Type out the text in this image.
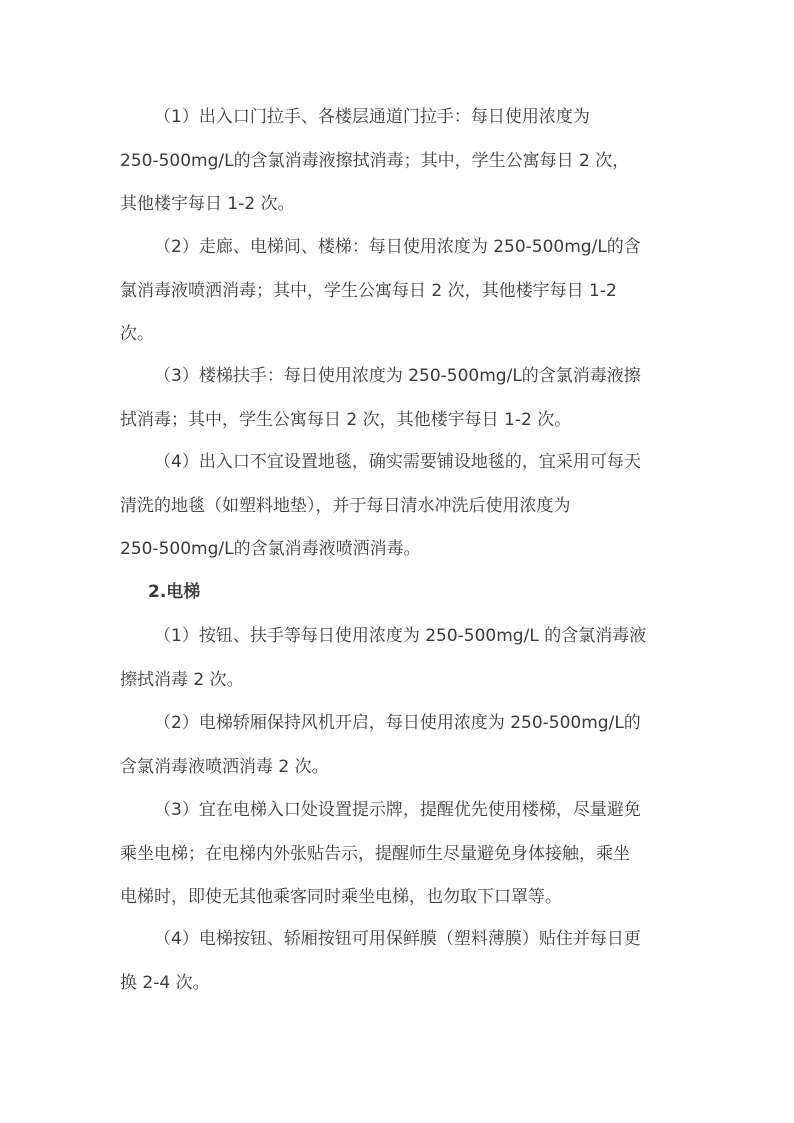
（1）出入口门拉手、各楼层通道门拉手：每日使用浓度为
250-500mg/L的含氯消毒液擦拭消毒；其中，学生公寓每日 2 次，
其他楼宇每日 1-2 次。

（2）走廊、电梯间、楼梯：每日使用浓度为 250-500mg/L的含
氯消毒液喷洒消毒；其中，学生公寓每日 2 次，其他楼宇每日 1-2
次。

（3）楼梯扶手：每日使用浓度为 250-500mg/L的含氯消毒液擦
拭消毒；其中，学生公寓每日 2 次，其他楼宇每日 1-2 次。

（4）出入口不宜设置地毯，确实需要铺设地毯的，宜采用可每天
清洗的地毯（如塑料地垫），并于每日清水冲洗后使用浓度为
250-500mg/L的含氯消毒液喷洒消毒。

2.电梯

（1）按钮、扶手等每日使用浓度为 250-500mg/L 的含氯消毒液
擦拭消毒 2 次。

（2）电梯轿厢保持风机开启，每日使用浓度为 250-500mg/L的
含氯消毒液喷洒消毒 2 次。

（3）宜在电梯入口处设置提示牌，提醒优先使用楼梯，尽量避免
乘坐电梯；在电梯内外张贴告示，提醒师生尽量避免身体接触，乘坐
电梯时，即使无其他乘客同时乘坐电梯，也勿取下口罩等。

（4）电梯按钮、轿厢按钮可用保鲜膜（塑料薄膜）贴住并每日更
换 2-4 次。
